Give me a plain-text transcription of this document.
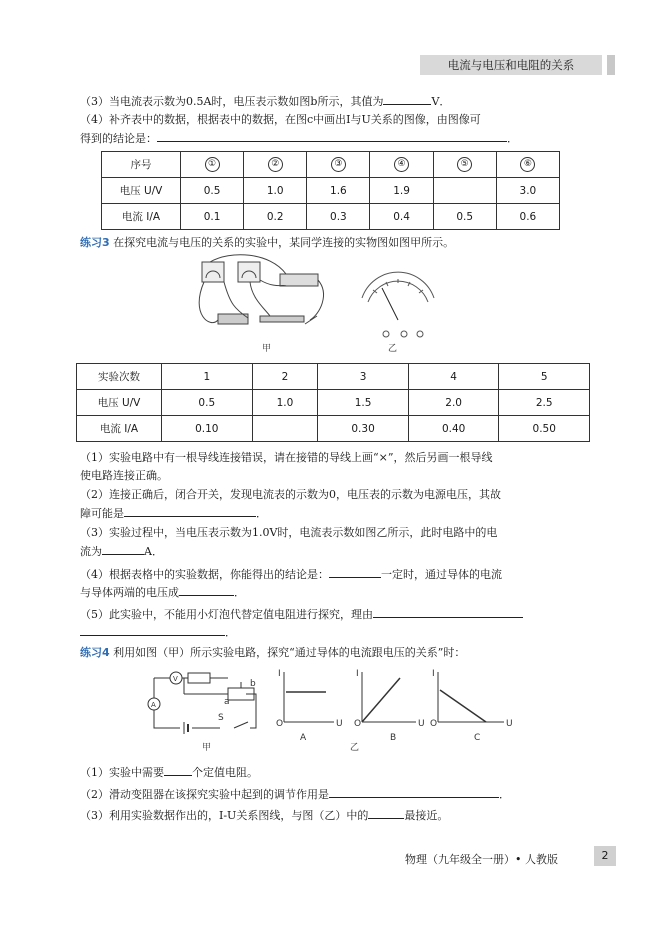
电流与电压和电阻的关系
（3）当电流表示数为0.5A时，电压表示数如图b所示，其值为	V．
（4）补齐表中的数据，根据表中的数据，在图c中画出I与U关系的图像，由图像可
得到的结论是：	．
序号	①	②	③	④	⑤	⑥
电压 U/V	0.5	1.0	1.6	1.9		3.0
电流 I/A	0.1	0.2	0.3	0.4	0.5	0.6
练习3 在探究电流与电压的关系的实验中，某同学连接的实物图如图甲所示。
甲	乙
实验次数	1	2	3	4	5
电压 U/V	0.5	1.0	1.5	2.0	2.5
电流 I/A	0.10		0.30	0.40	0.50
（1）实验电路中有一根导线连接错误，请在接错的导线上画“×”，然后另画一根导线
使电路连接正确。
（2）连接正确后，闭合开关，发现电流表的示数为0，电压表的示数为电源电压，其故
障可能是	．
（3）实验过程中，当电压表示数为1.0V时，电流表示数如图乙所示，此时电路中的电
流为	A．
（4）根据表格中的实验数据，你能得出的结论是：	一定时，通过导体的电流
与导体两端的电压成	．
（5）此实验中，不能用小灯泡代替定值电阻进行探究，理由
．
练习4 利用如图（甲）所示实验电路，探究“通过导体的电流跟电压的关系”时：
V
A	a
b
S
甲
I
U
O
A
I
U
O
B
乙
I
U
O
C
（1）实验中需要	个定值电阻。
（2）滑动变阻器在该探究实验中起到的调节作用是	．
（3）利用实验数据作出的，I-U关系图线，与图（乙）中的	最接近。
物理（九年级全一册）• 人教版	2
